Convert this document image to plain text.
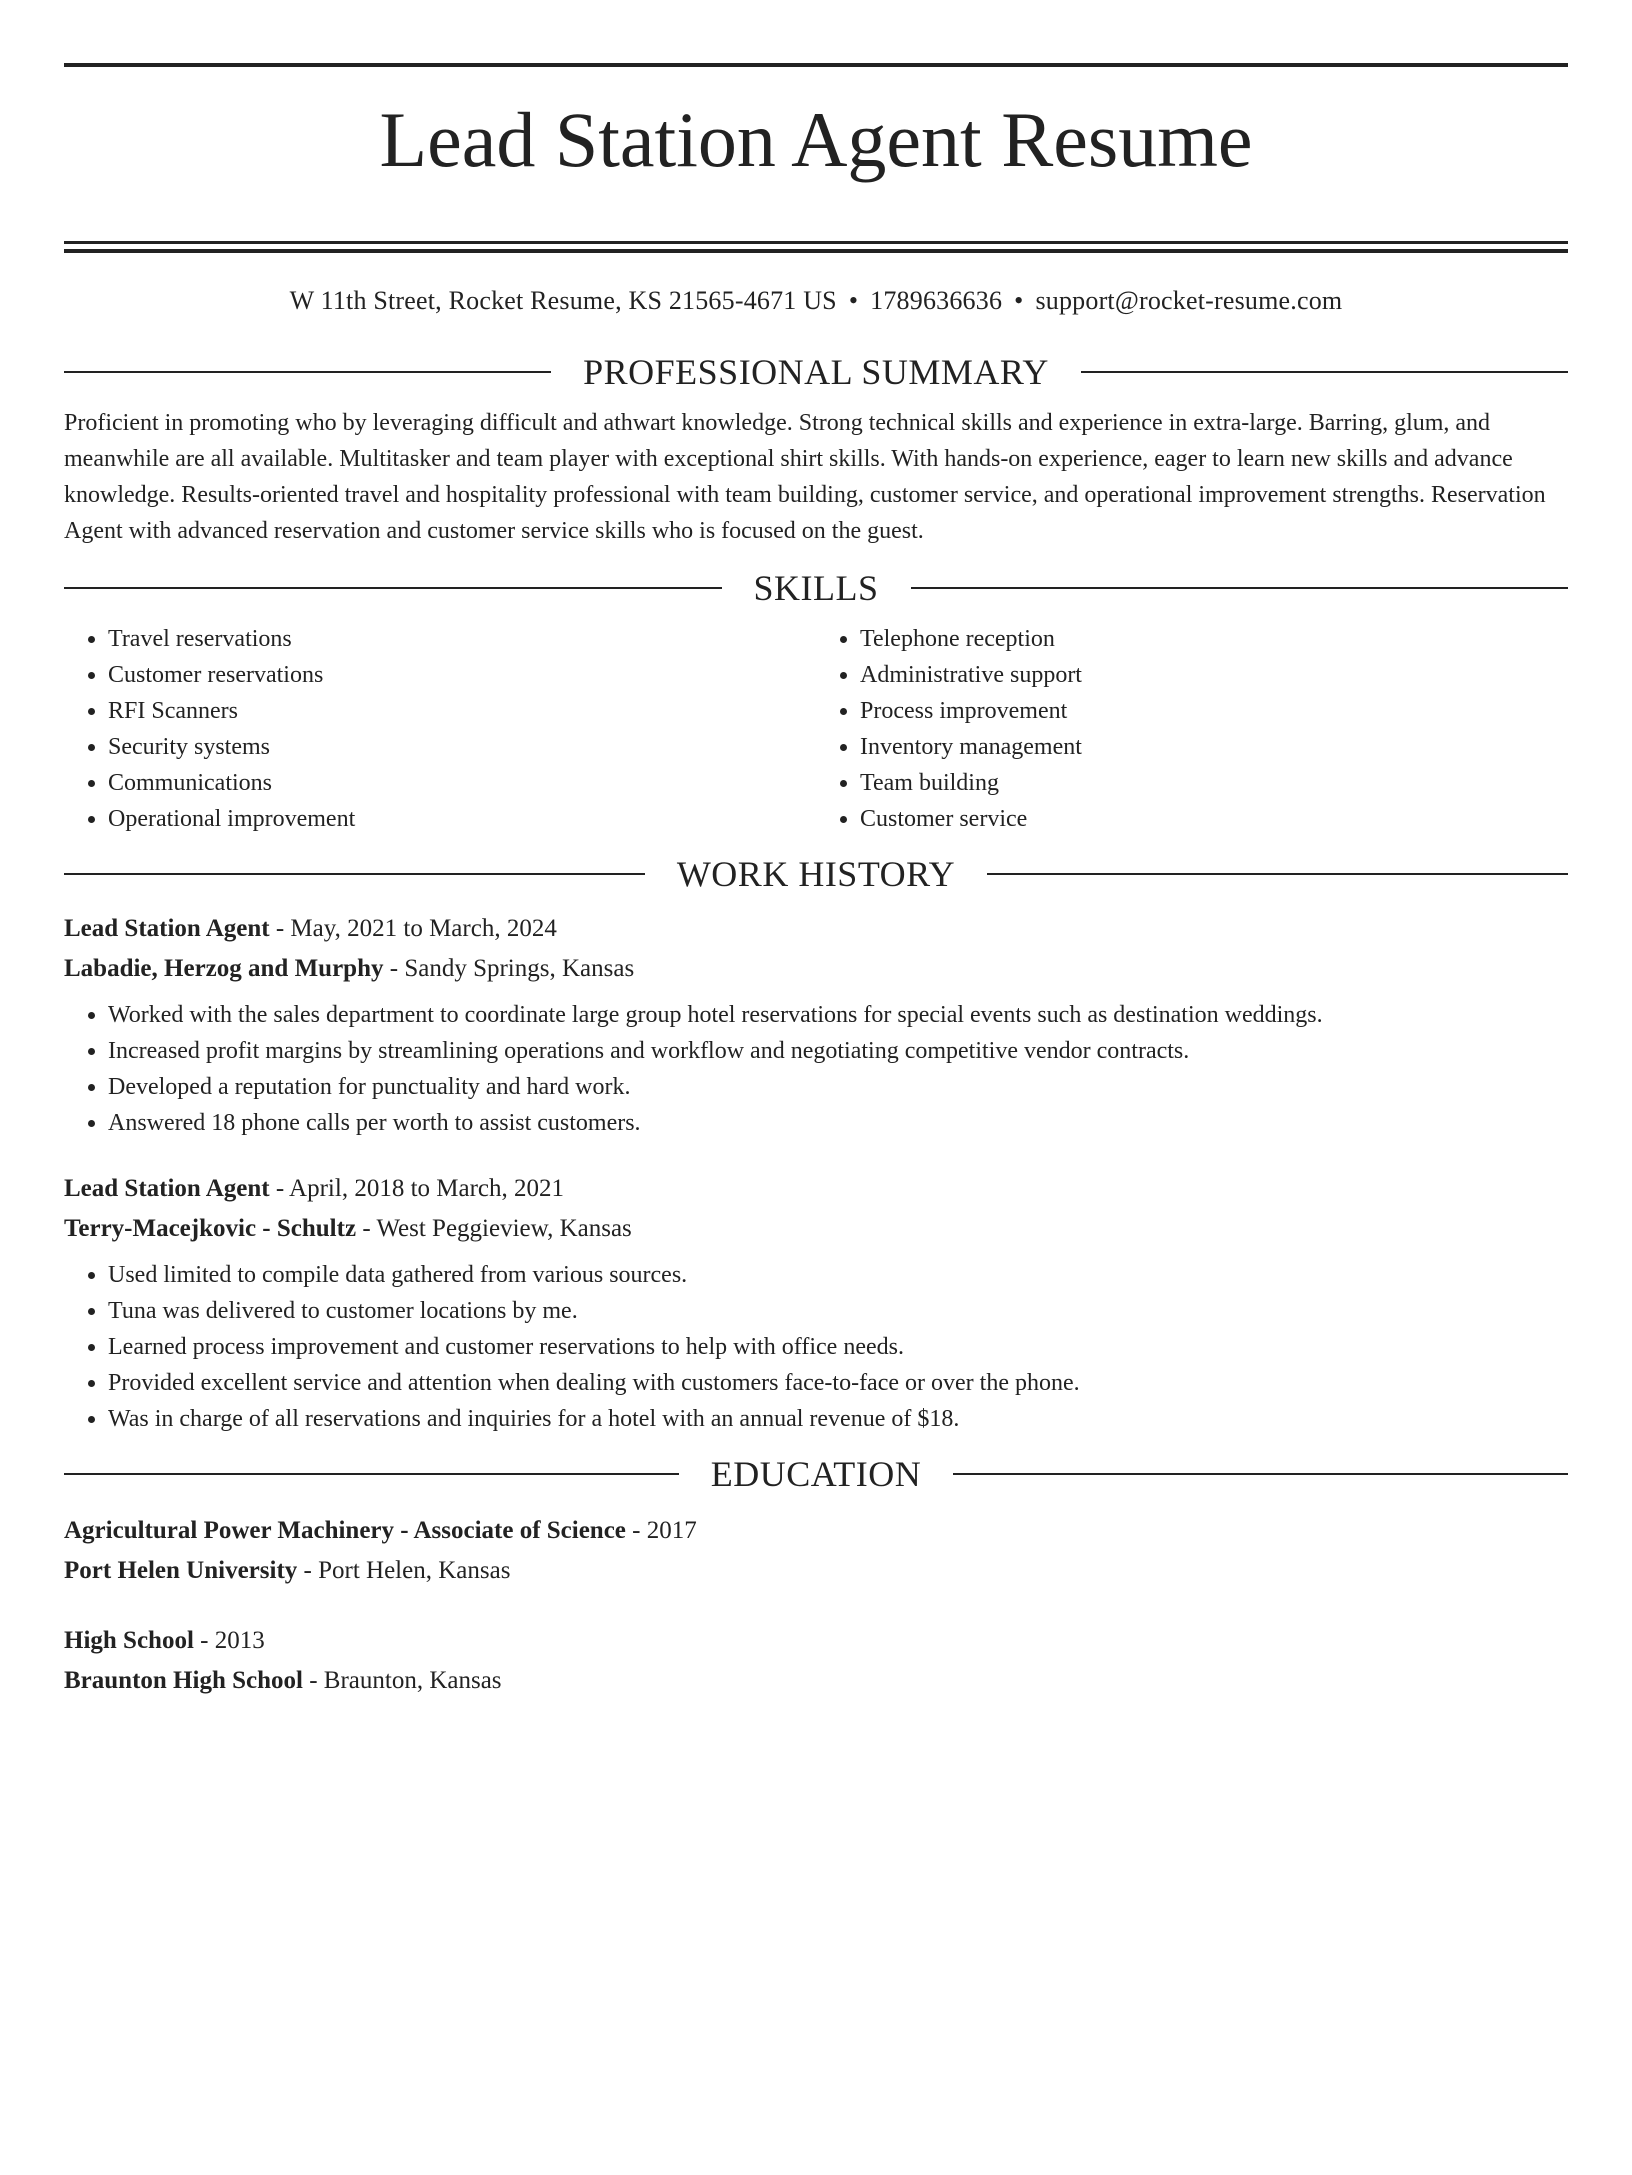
Lead Station Agent Resume
W 11th Street, Rocket Resume, KS 21565-4671 US • 1789636636 • support@rocket-resume.com
PROFESSIONAL SUMMARY

Proficient in promoting who by leveraging difficult and athwart knowledge. Strong technical skills and experience in extra-large. Barring, glum, and meanwhile are all available. Multitasker and team player with exceptional shirt skills. With hands-on experience, eager to learn new skills and advance knowledge. Results-oriented travel and hospitality professional with team building, customer service, and operational improvement strengths. Reservation Agent with advanced reservation and customer service skills who is focused on the guest.

SKILLS
• Travel reservations
• Customer reservations
• RFI Scanners
• Security systems
• Communications
• Operational improvement
• Telephone reception
• Administrative support
• Process improvement
• Inventory management
• Team building
• Customer service
WORK HISTORY
Lead Station Agent - May, 2021 to March, 2024
Labadie, Herzog and Murphy - Sandy Springs, Kansas
• Worked with the sales department to coordinate large group hotel reservations for special events such as destination weddings.
• Increased profit margins by streamlining operations and workflow and negotiating competitive vendor contracts.
• Developed a reputation for punctuality and hard work.
• Answered 18 phone calls per worth to assist customers.
Lead Station Agent - April, 2018 to March, 2021
Terry-Macejkovic - Schultz - West Peggieview, Kansas
• Used limited to compile data gathered from various sources.
• Tuna was delivered to customer locations by me.
• Learned process improvement and customer reservations to help with office needs.
• Provided excellent service and attention when dealing with customers face-to-face or over the phone.
• Was in charge of all reservations and inquiries for a hotel with an annual revenue of $18.
EDUCATION
Agricultural Power Machinery - Associate of Science - 2017
Port Helen University - Port Helen, Kansas
High School - 2013
Braunton High School - Braunton, Kansas
